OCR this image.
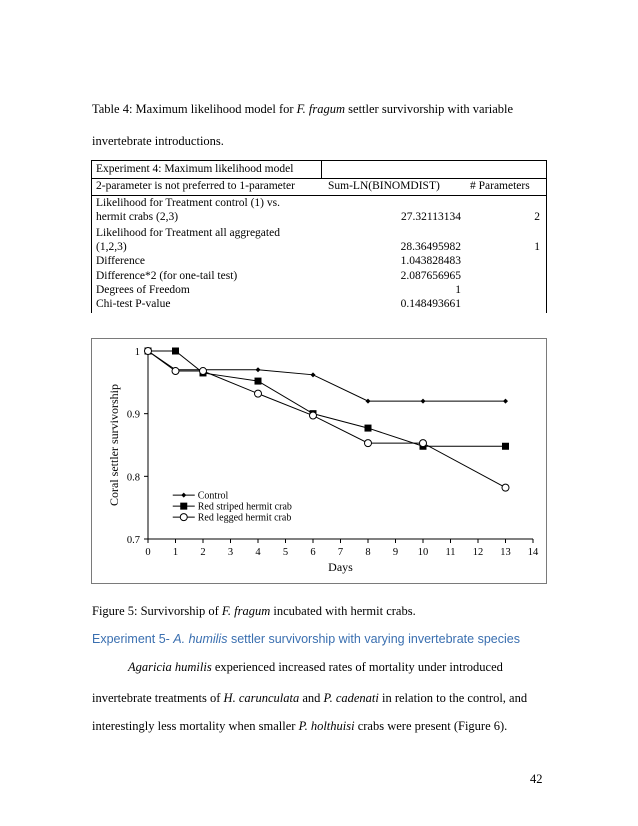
Table 4: Maximum likelihood model for F. fragum settler survivorship with variable
invertebrate introductions.
Experiment 4: Maximum likelihood model
2-parameter is not preferred to 1-parameter	Sum-LN(BINOMDIST)	# Parameters
Likelihood for Treatment control (1) vs.
hermit crabs (2,3)	27.32113134	2
Likelihood for Treatment all aggregated
(1,2,3)	28.36495982	1
Difference	1.043828483
Difference*2 (for one-tail test)	2.087656965
Degrees of Freedom	1
Chi-test P-value	0.148493661
0 1 2 3 4 5 6 7 8 9 10 11 12 13 14
0.7
0.8
0.9
1
Days
Coral settler survivorship	Control
Red striped hermit crab
Red legged hermit crab
Figure 5: Survivorship of F. fragum incubated with hermit crabs.
Experiment 5- A. humilis settler survivorship with varying invertebrate species
Agaricia humilis experienced increased rates of mortality under introduced
invertebrate treatments of H. carunculata and P. cadenati in relation to the control, and
interestingly less mortality when smaller P. holthuisi crabs were present (Figure 6).
42
